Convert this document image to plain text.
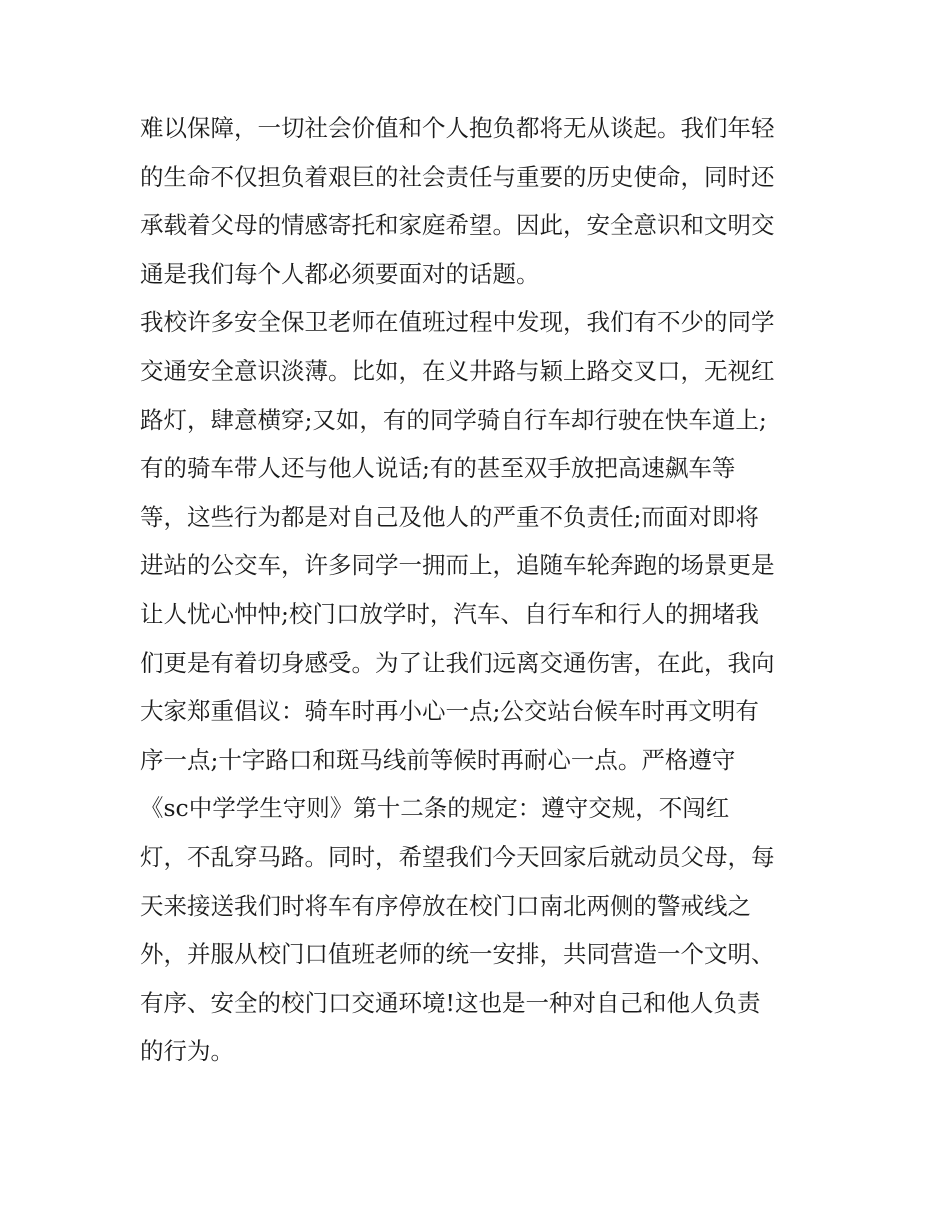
难以保障，一切社会价值和个人抱负都将无从谈起。我们年轻
的生命不仅担负着艰巨的社会责任与重要的历史使命，同时还
承载着父母的情感寄托和家庭希望。因此，安全意识和文明交
通是我们每个人都必须要面对的话题。
我校许多安全保卫老师在值班过程中发现，我们有不少的同学
交通安全意识淡薄。比如，在义井路与颖上路交叉口，无视红
路灯，肆意横穿;又如，有的同学骑自行车却行驶在快车道上;
有的骑车带人还与他人说话;有的甚至双手放把高速飙车等
等，这些行为都是对自己及他人的严重不负责任;而面对即将
进站的公交车，许多同学一拥而上，追随车轮奔跑的场景更是
让人忧心忡忡;校门口放学时，汽车、自行车和行人的拥堵我
们更是有着切身感受。为了让我们远离交通伤害，在此，我向
大家郑重倡议：骑车时再小心一点;公交站台候车时再文明有
序一点;十字路口和斑马线前等候时再耐心一点。严格遵守
《sc中学学生守则》第十二条的规定：遵守交规，不闯红
灯，不乱穿马路。同时，希望我们今天回家后就动员父母，每
天来接送我们时将车有序停放在校门口南北两侧的警戒线之
外，并服从校门口值班老师的统一安排，共同营造一个文明、
有序、安全的校门口交通环境!这也是一种对自己和他人负责
的行为。
